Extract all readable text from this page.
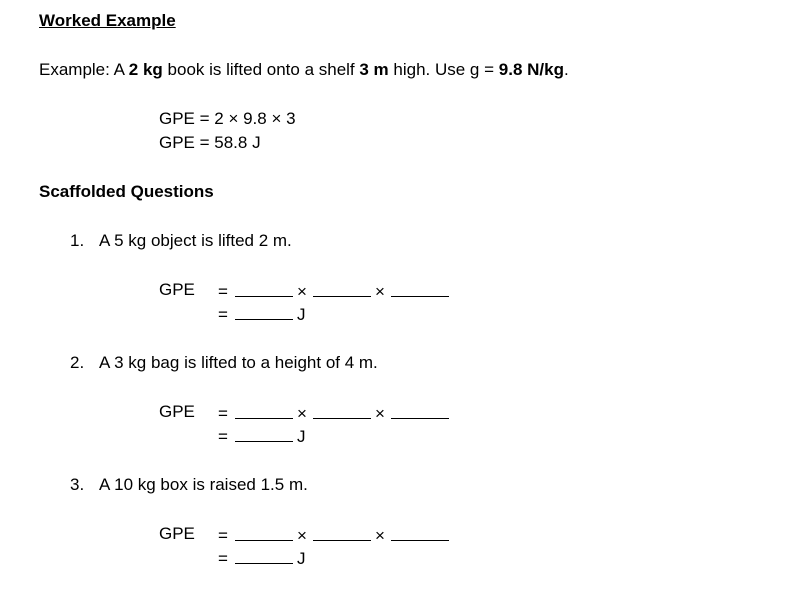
Worked Example
Example: A 2 kg book is lifted onto a shelf 3 m high. Use g = 9.8 N/kg.
GPE = 2 × 9.8 × 3
GPE = 58.8 J
Scaffolded Questions
1. A 5 kg object is lifted 2 m.
GPE =	×	×
=	J
2. A 3 kg bag is lifted to a height of 4 m.
GPE =	×	×
=	J
3. A 10 kg box is raised 1.5 m.
GPE =	×	×
=	J
